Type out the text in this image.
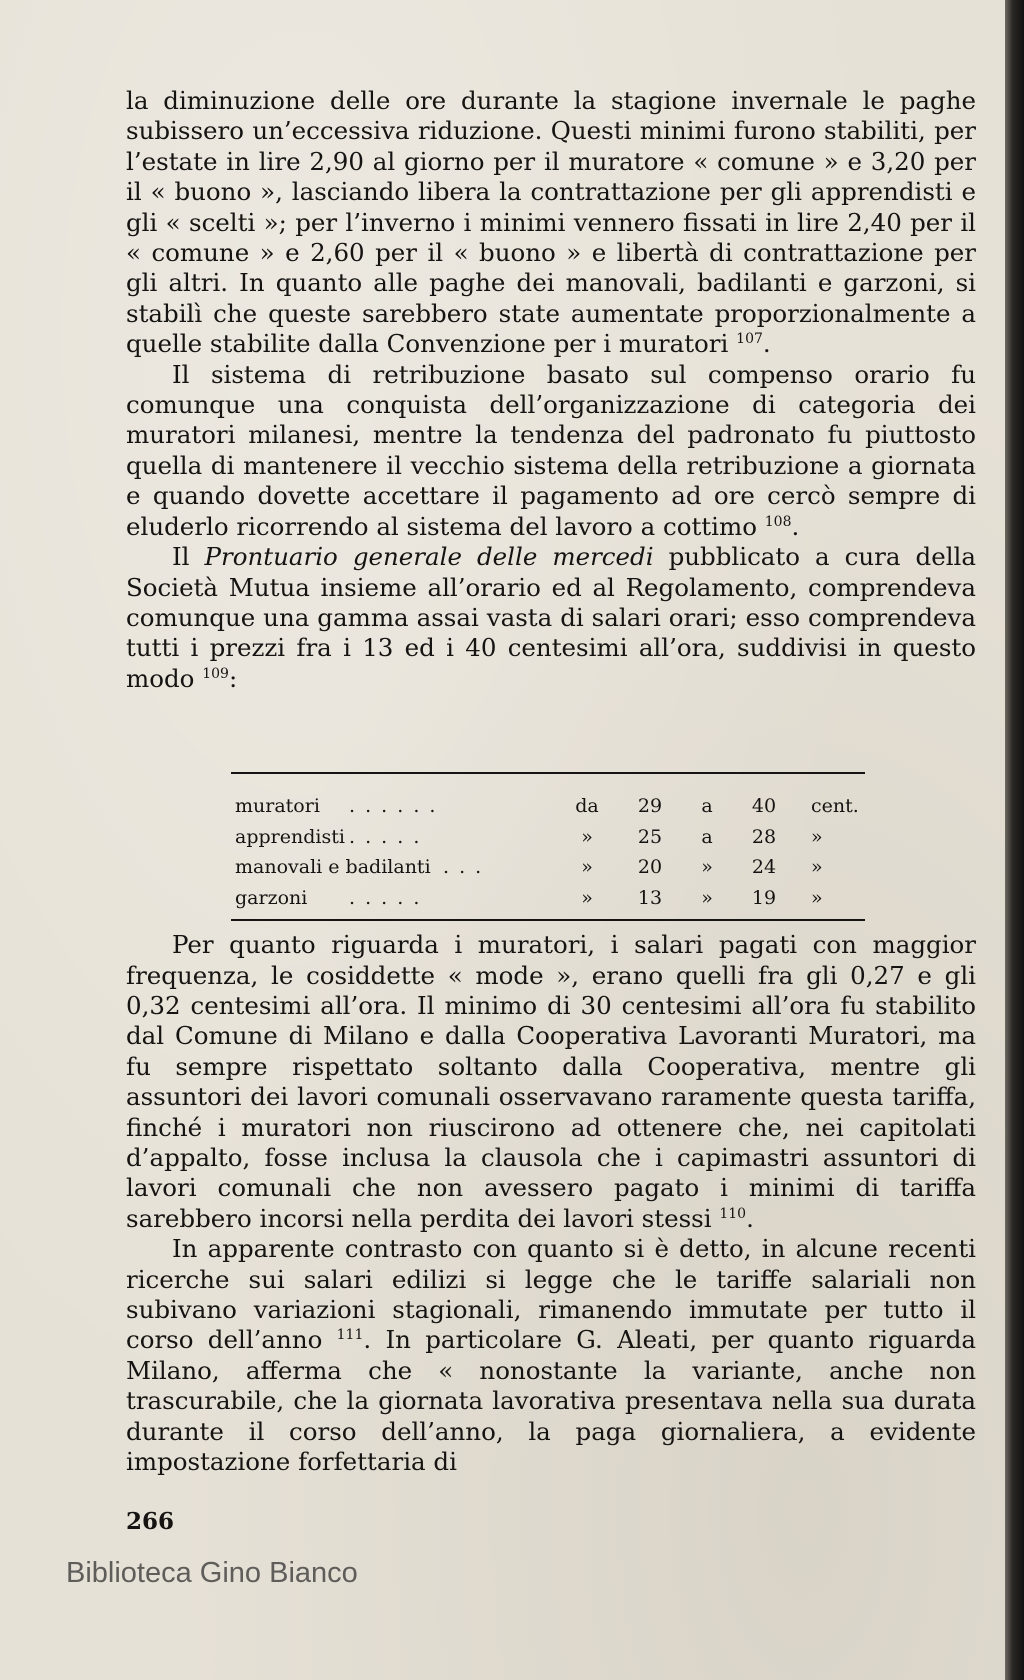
la diminuzione delle ore durante la stagione invernale le paghe subissero un’eccessiva riduzione. Questi minimi furono stabiliti, per l’estate in lire 2,90 al giorno per il muratore « comune » e 3,20 per il « buono », lasciando libera la contrattazione per gli apprendisti e gli « scelti »; per l’inverno i minimi vennero fissati in lire 2,40 per il « comune » e 2,60 per il « buono » e libertà di contrattazione per gli altri. In quanto alle paghe dei manovali, badilanti e garzoni, si stabilì che queste sarebbero state aumentate proporzionalmente a quelle stabilite dalla Convenzione per i muratori $^{107}$.

Il sistema di retribuzione basato sul compenso orario fu comunque una conquista dell’organizzazione di categoria dei muratori milanesi, mentre la tendenza del padronato fu piuttosto quella di mantenere il vecchio sistema della retribuzione a giornata e quando dovette accettare il pagamento ad ore cercò sempre di eluderlo ricorrendo al sistema del lavoro a cottimo $^{108}$.

Il Prontuario generale delle mercedi pubblicato a cura della Società Mutua insieme all’orario ed al Regolamento, comprendeva comunque una gamma assai vasta di salari orari; esso comprendeva tutti i prezzi fra i 13 ed i 40 centesimi all’ora, suddivisi in questo modo $^{109}$:

Per quanto riguarda i muratori, i salari pagati con maggior frequenza, le cosiddette « mode », erano quelli fra gli 0,27 e gli 0,32 centesimi all’ora. Il minimo di 30 centesimi all’ora fu stabilito dal Comune di Milano e dalla Cooperativa Lavoranti Muratori, ma fu sempre rispettato soltanto dalla Cooperativa, mentre gli assuntori dei lavori comunali osservavano raramente questa tariffa, finché i muratori non riuscirono ad ottenere che, nei capitolati d’appalto, fosse inclusa la clausola che i capimastri assuntori di lavori comunali che non avessero pagato i minimi di tariffa sarebbero incorsi nella perdita dei lavori stessi $^{110}$.

In apparente contrasto con quanto si è detto, in alcune recenti ricerche sui salari edilizi si legge che le tariffe salariali non subivano variazioni stagionali, rimanendo immutate per tutto il corso dell’anno $^{111}$. In particolare G. Aleati, per quanto riguarda Milano, afferma che « nonostante la variante, anche non trascurabile, che la giornata lavorativa presentava nella sua durata durante il corso dell’anno, la paga giornaliera, a evidente impostazione forfettaria di

muratori . . . . . .	da	29	a	40	cent.
apprendisti . . . . .	»	25	a	28	»
manovali e badilanti . . .	»	20	»	24	»
garzoni . . . . .	»	13	»	19	»
266
Biblioteca Gino Bianco
